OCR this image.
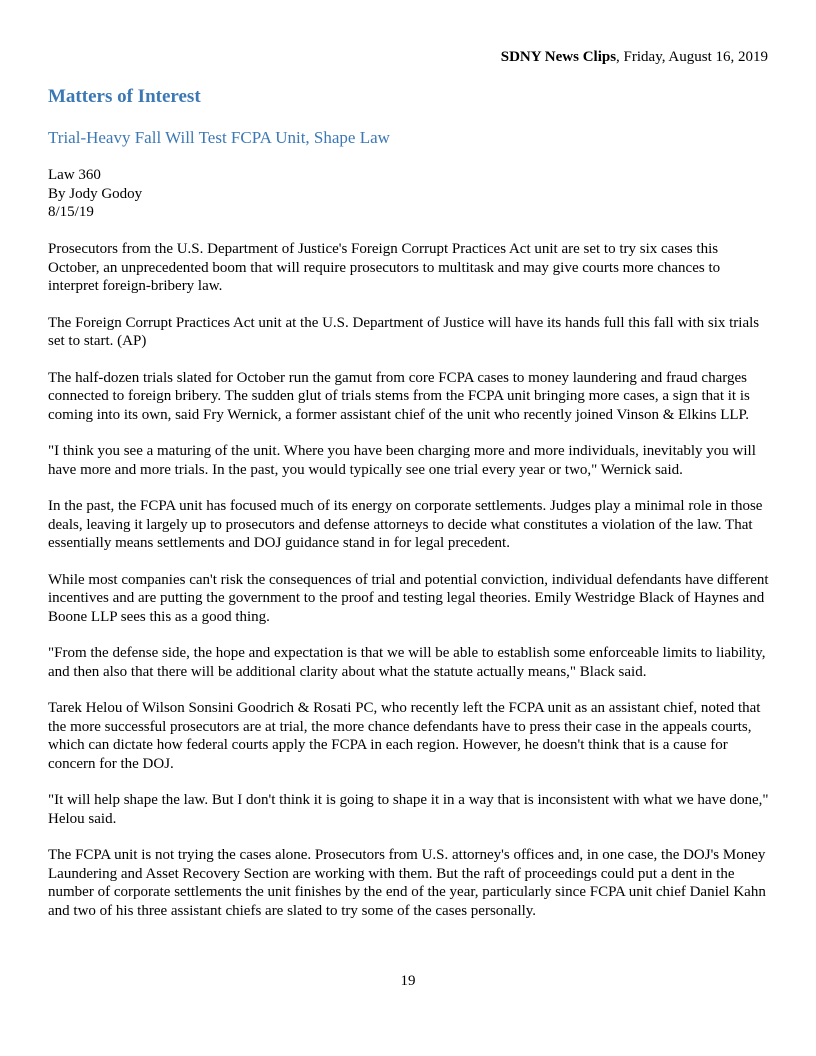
SDNY News Clips, Friday, August 16, 2019
Matters of Interest
Trial-Heavy Fall Will Test FCPA Unit, Shape Law
Law 360
By Jody Godoy
8/15/19

Prosecutors from the U.S. Department of Justice's Foreign Corrupt Practices Act unit are set to try six cases this October, an unprecedented boom that will require prosecutors to multitask and may give courts more chances to interpret foreign-bribery law.

The Foreign Corrupt Practices Act unit at the U.S. Department of Justice will have its hands full this fall with six trials set to start. (AP)

The half-dozen trials slated for October run the gamut from core FCPA cases to money laundering and fraud charges connected to foreign bribery. The sudden glut of trials stems from the FCPA unit bringing more cases, a sign that it is coming into its own, said Fry Wernick, a former assistant chief of the unit who recently joined Vinson & Elkins LLP.

"I think you see a maturing of the unit. Where you have been charging more and more individuals, inevitably you will have more and more trials. In the past, you would typically see one trial every year or two," Wernick said.

In the past, the FCPA unit has focused much of its energy on corporate settlements. Judges play a minimal role in those deals, leaving it largely up to prosecutors and defense attorneys to decide what constitutes a violation of the law. That essentially means settlements and DOJ guidance stand in for legal precedent.

While most companies can't risk the consequences of trial and potential conviction, individual defendants have different incentives and are putting the government to the proof and testing legal theories. Emily Westridge Black of Haynes and Boone LLP sees this as a good thing.

"From the defense side, the hope and expectation is that we will be able to establish some enforceable limits to liability, and then also that there will be additional clarity about what the statute actually means," Black said.

Tarek Helou of Wilson Sonsini Goodrich & Rosati PC, who recently left the FCPA unit as an assistant chief, noted that the more successful prosecutors are at trial, the more chance defendants have to press their case in the appeals courts, which can dictate how federal courts apply the FCPA in each region. However, he doesn't think that is a cause for concern for the DOJ.

"It will help shape the law. But I don't think it is going to shape it in a way that is inconsistent with what we have done," Helou said.

The FCPA unit is not trying the cases alone. Prosecutors from U.S. attorney's offices and, in one case, the DOJ's Money Laundering and Asset Recovery Section are working with them. But the raft of proceedings could put a dent in the number of corporate settlements the unit finishes by the end of the year, particularly since FCPA unit chief Daniel Kahn and two of his three assistant chiefs are slated to try some of the cases personally.

19
